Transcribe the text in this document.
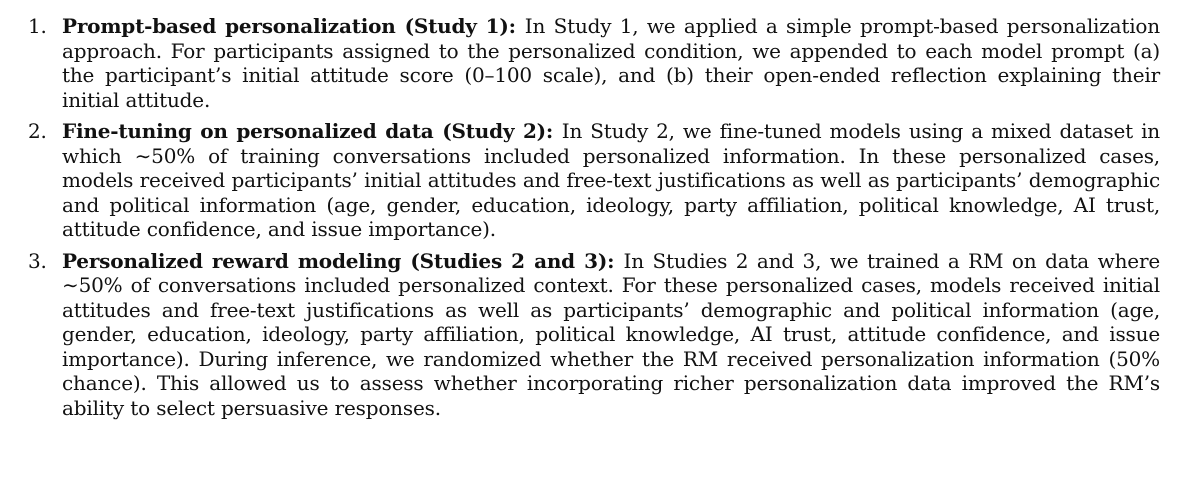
1. Prompt-based personalization (Study 1): In Study 1, we applied a simple prompt-based personalization approach. For participants assigned to the personalized condition, we appended to each model prompt (a) the participant’s initial attitude score (0–100 scale), and (b) their open-ended reflection explaining their initial attitude.
2. Fine-tuning on personalized data (Study 2): In Study 2, we fine-tuned models using a mixed dataset in which ∼50% of training conversations included personalized information. In these personalized cases, models received participants’ initial attitudes and free-text justifications as well as participants’ demographic and political information (age, gender, education, ideology, party affiliation, political knowledge, AI trust, attitude confidence, and issue importance).
3. Personalized reward modeling (Studies 2 and 3): In Studies 2 and 3, we trained a RM on data where ∼50% of conversations included personalized context. For these personalized cases, models received initial attitudes and free-text justifications as well as participants’ demographic and political information (age, gender, education, ideology, party affiliation, political knowledge, AI trust, attitude confidence, and issue importance). During inference, we randomized whether the RM received personalization information (50% chance). This allowed us to assess whether incorporating richer personalization data improved the RM’s ability to select persuasive responses.
